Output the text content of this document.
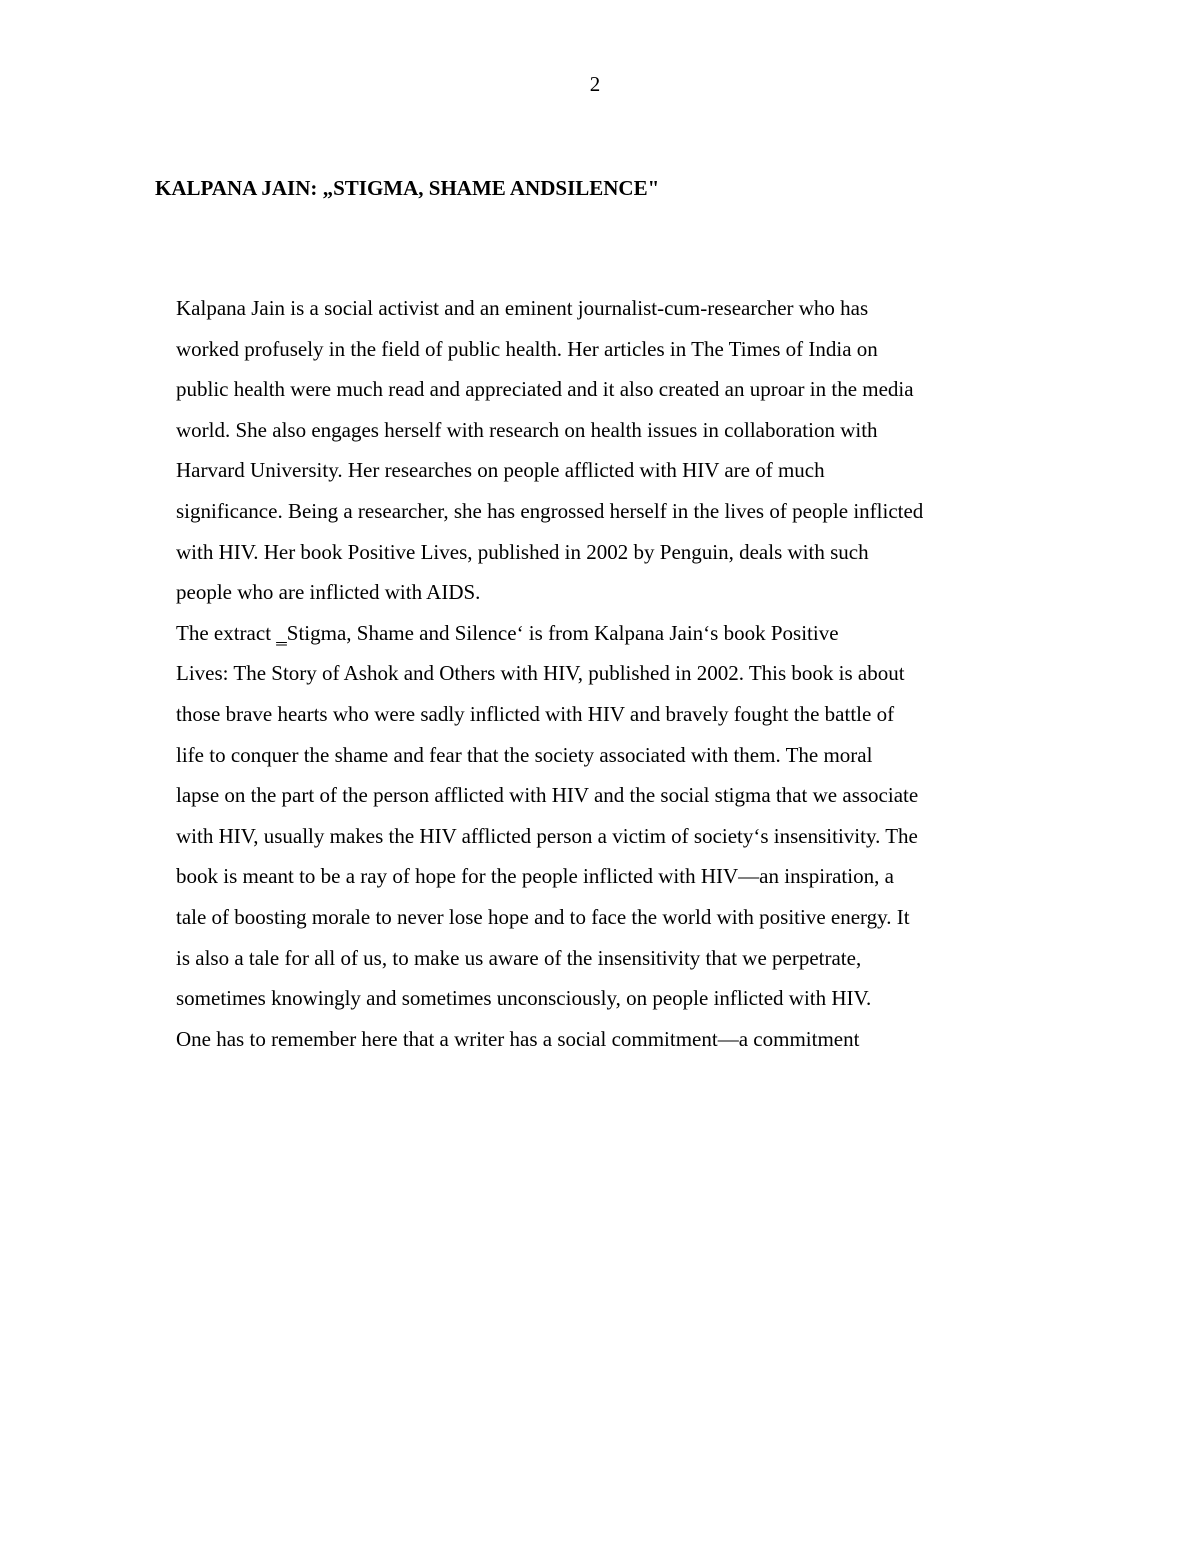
2
KALPANA JAIN: „STIGMA, SHAME ANDSILENCE"
Kalpana Jain is a social activist and an eminent journalist-cum-researcher who has
worked profusely in the field of public health. Her articles in The Times of India on
public health were much read and appreciated and it also created an uproar in the media
world. She also engages herself with research on health issues in collaboration with
Harvard University. Her researches on people afflicted with HIV are of much
significance. Being a researcher, she has engrossed herself in the lives of people inflicted
with HIV. Her book Positive Lives, published in 2002 by Penguin, deals with such
people who are inflicted with AIDS.
The extract ‗Stigma, Shame and Silence‘ is from Kalpana Jain‘s book Positive
Lives: The Story of Ashok and Others with HIV, published in 2002. This book is about
those brave hearts who were sadly inflicted with HIV and bravely fought the battle of
life to conquer the shame and fear that the society associated with them. The moral
lapse on the part of the person afflicted with HIV and the social stigma that we associate
with HIV, usually makes the HIV afflicted person a victim of society‘s insensitivity. The
book is meant to be a ray of hope for the people inflicted with HIV—an inspiration, a
tale of boosting morale to never lose hope and to face the world with positive energy. It
is also a tale for all of us, to make us aware of the insensitivity that we perpetrate,
sometimes knowingly and sometimes unconsciously, on people inflicted with HIV.
One has to remember here that a writer has a social commitment—a commitment
